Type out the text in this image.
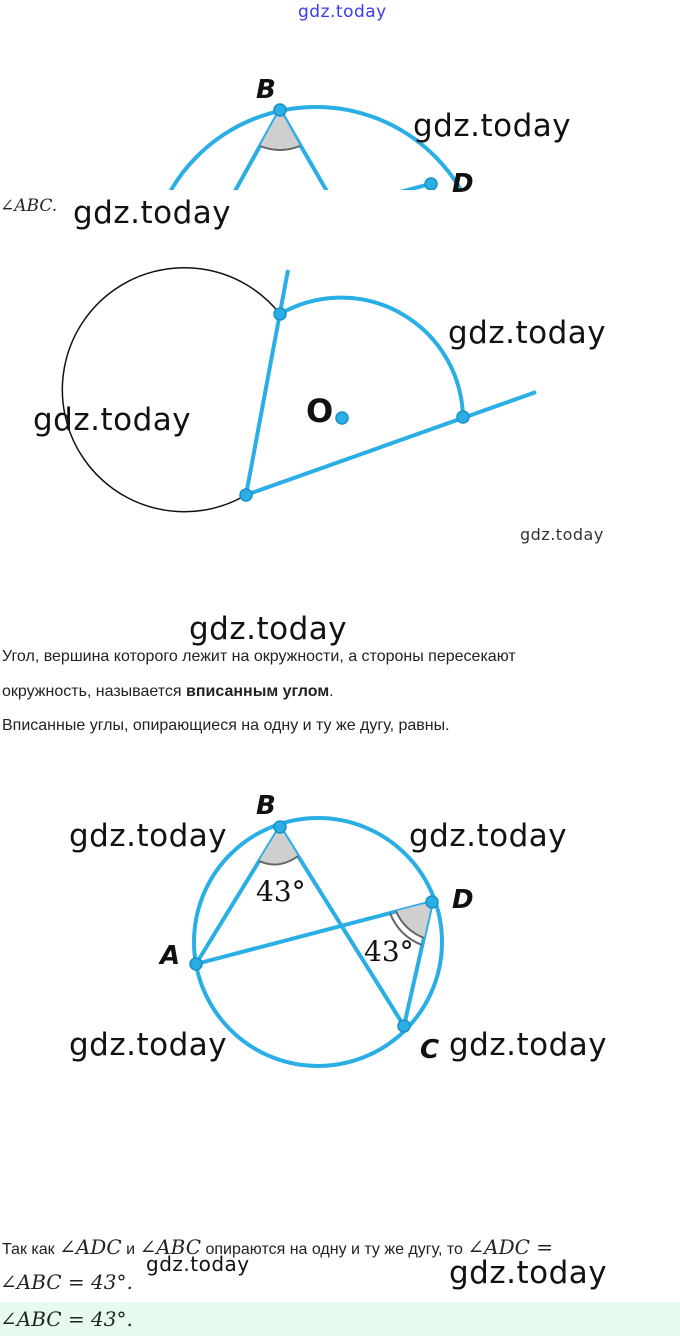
gdz.today
B
D
gdz.today
∠ABC. gdz.today
O
gdz.today
gdz.today
gdz.today
gdz.today
Угол, вершина которого лежит на окружности, а стороны пересекают
окружность, называется вписанным углом.
Вписанные углы, опирающиеся на одну и ту же дугу, равны.
B
A
D
C
43°
43°
gdz.today	gdz.today
gdz.today	gdz.today
Так как ∠ADC и ∠ABC опираются на одну и ту же дугу, то ∠ADC =
∠ABC = 43°.
gdz.today	gdz.today
∠ABC = 43°.
